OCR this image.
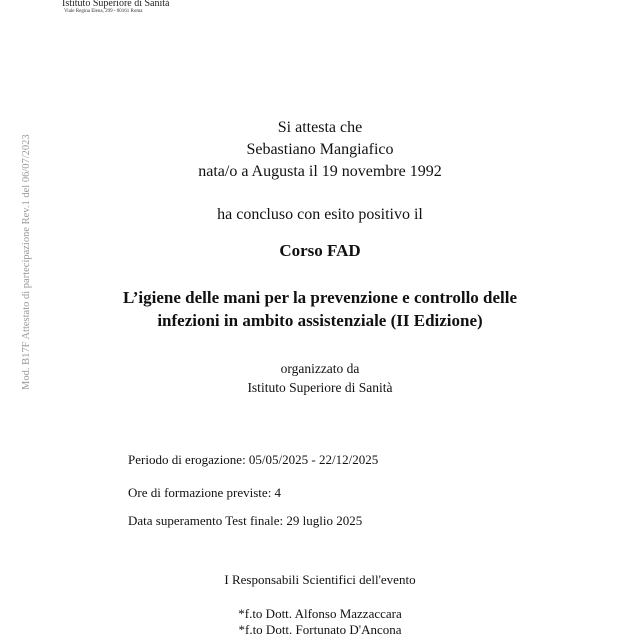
Istituto Superiore di Sanità
Viale Regina Elena, 299 - 00161 Roma
Mod. B17F Attestato di partecipazione Rev.1 del 06/07/2023
Si attesta che
Sebastiano Mangiafico
nata/o a Augusta il 19 novembre 1992
ha concluso con esito positivo il
Corso FAD
L’igiene delle mani per la prevenzione e controllo delle
infezioni in ambito assistenziale (II Edizione)
organizzato da
Istituto Superiore di Sanità
Periodo di erogazione: 05/05/2025 - 22/12/2025
Ore di formazione previste: 4
Data superamento Test finale: 29 luglio 2025
I Responsabili Scientifici dell'evento
*f.to Dott. Alfonso Mazzaccara
*f.to Dott. Fortunato D'Ancona
